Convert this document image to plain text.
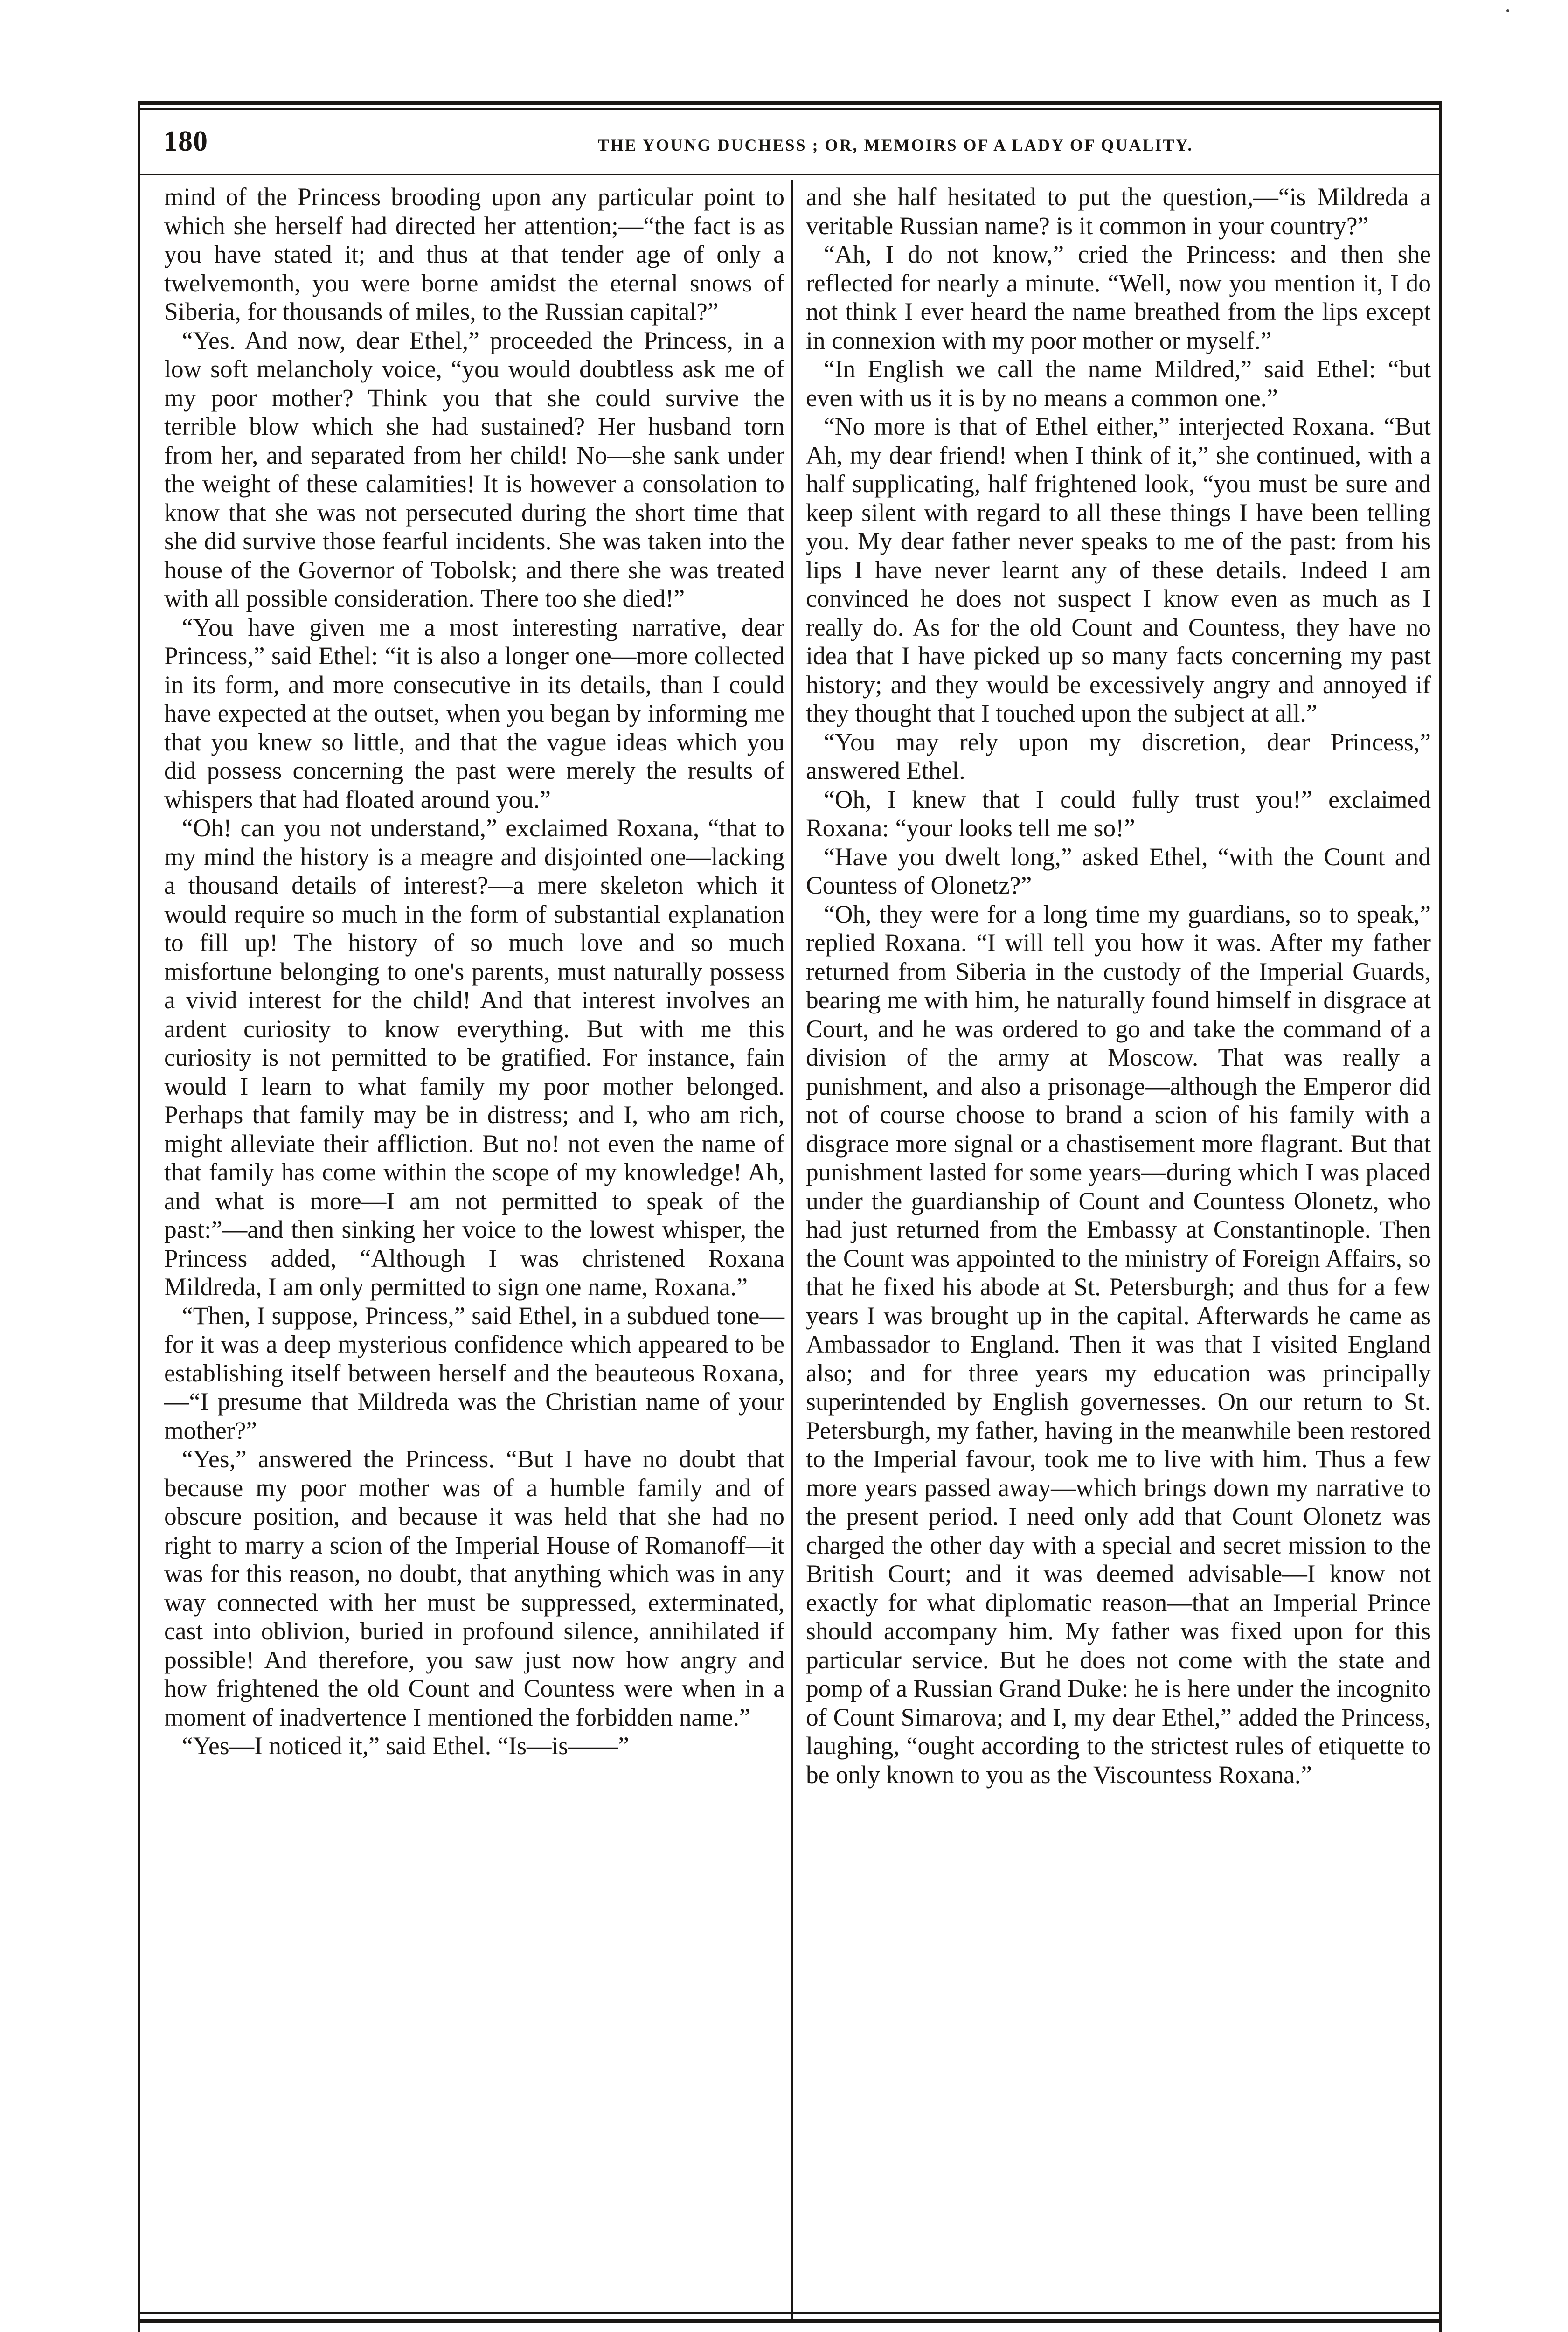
180	THE YOUNG DUCHESS ; OR, MEMOIRS OF A LADY OF QUALITY.

mind of the Princess brooding upon any particular point to which she herself had directed her attention;—“the fact is as you have stated it; and thus at that tender age of only a twelvemonth, you were borne amidst the eternal snows of Siberia, for thousands of miles, to the Russian capital?”

“Yes. And now, dear Ethel,” proceeded the Princess, in a low soft melancholy voice, “you would doubtless ask me of my poor mother? Think you that she could survive the terrible blow which she had sustained? Her husband torn from her, and separated from her child! No—she sank under the weight of these calamities! It is however a consolation to know that she was not persecuted during the short time that she did survive those fearful incidents. She was taken into the house of the Governor of Tobolsk; and there she was treated with all possible consideration. There too she died!”

“You have given me a most interesting narrative, dear Princess,” said Ethel: “it is also a longer one—more collected in its form, and more consecutive in its details, than I could have expected at the outset, when you began by informing me that you knew so little, and that the vague ideas which you did possess concerning the past were merely the results of whispers that had floated around you.”

“Oh! can you not understand,” exclaimed Roxana, “that to my mind the history is a meagre and disjointed one—lacking a thousand details of interest?—a mere skeleton which it would require so much in the form of substantial explanation to fill up! The history of so much love and so much misfortune belonging to one's parents, must naturally possess a vivid interest for the child! And that interest involves an ardent curiosity to know everything. But with me this curiosity is not permitted to be gratified. For instance, fain would I learn to what family my poor mother belonged. Perhaps that family may be in distress; and I, who am rich, might alleviate their affliction. But no! not even the name of that family has come within the scope of my knowledge! Ah, and what is more—I am not permitted to speak of the past:”—and then sinking her voice to the lowest whisper, the Princess added, “Although I was christened Roxana Mildreda, I am only permitted to sign one name, Roxana.”

“Then, I suppose, Princess,” said Ethel, in a subdued tone—for it was a deep mysterious confidence which appeared to be establishing itself between herself and the beauteous Roxana,—“I presume that Mildreda was the Christian name of your mother?”

“Yes,” answered the Princess. “But I have no doubt that because my poor mother was of a humble family and of obscure position, and because it was held that she had no right to marry a scion of the Imperial House of Romanoff—it was for this reason, no doubt, that anything which was in any way connected with her must be suppressed, exterminated, cast into oblivion, buried in profound silence, annihilated if possible! And therefore, you saw just now how angry and how frightened the old Count and Countess were when in a moment of inadvertence I mentioned the forbidden name.”

“Yes—I noticed it,” said Ethel. “Is—is——”

and she half hesitated to put the question,—“is Mildreda a veritable Russian name? is it common in your country?”

“Ah, I do not know,” cried the Princess: and then she reflected for nearly a minute. “Well, now you mention it, I do not think I ever heard the name breathed from the lips except in connexion with my poor mother or myself.”

“In English we call the name Mildred,” said Ethel: “but even with us it is by no means a common one.”

“No more is that of Ethel either,” interjected Roxana. “But Ah, my dear friend! when I think of it,” she continued, with a half supplicating, half frightened look, “you must be sure and keep silent with regard to all these things I have been telling you. My dear father never speaks to me of the past: from his lips I have never learnt any of these details. Indeed I am convinced he does not suspect I know even as much as I really do. As for the old Count and Countess, they have no idea that I have picked up so many facts concerning my past history; and they would be excessively angry and annoyed if they thought that I touched upon the subject at all.”

“You may rely upon my discretion, dear Princess,” answered Ethel.

“Oh, I knew that I could fully trust you!” exclaimed Roxana: “your looks tell me so!”

“Have you dwelt long,” asked Ethel, “with the Count and Countess of Olonetz?”

“Oh, they were for a long time my guardians, so to speak,” replied Roxana. “I will tell you how it was. After my father returned from Siberia in the custody of the Imperial Guards, bearing me with him, he naturally found himself in disgrace at Court, and he was ordered to go and take the command of a division of the army at Moscow. That was really a punishment, and also a prisonage—although the Emperor did not of course choose to brand a scion of his family with a disgrace more signal or a chastisement more flagrant. But that punishment lasted for some years—during which I was placed under the guardianship of Count and Countess Olonetz, who had just returned from the Embassy at Constantinople. Then the Count was appointed to the ministry of Foreign Affairs, so that he fixed his abode at St. Petersburgh; and thus for a few years I was brought up in the capital. Afterwards he came as Ambassador to England. Then it was that I visited England also; and for three years my education was principally superintended by English governesses. On our return to St. Petersburgh, my father, having in the meanwhile been restored to the Imperial favour, took me to live with him. Thus a few more years passed away—which brings down my narrative to the present period. I need only add that Count Olonetz was charged the other day with a special and secret mission to the British Court; and it was deemed advisable—I know not exactly for what diplomatic reason—that an Imperial Prince should accompany him. My father was fixed upon for this particular service. But he does not come with the state and pomp of a Russian Grand Duke: he is here under the incognito of Count Simarova; and I, my dear Ethel,” added the Princess, laughing, “ought according to the strictest rules of etiquette to be only known to you as the Viscountess Roxana.”
